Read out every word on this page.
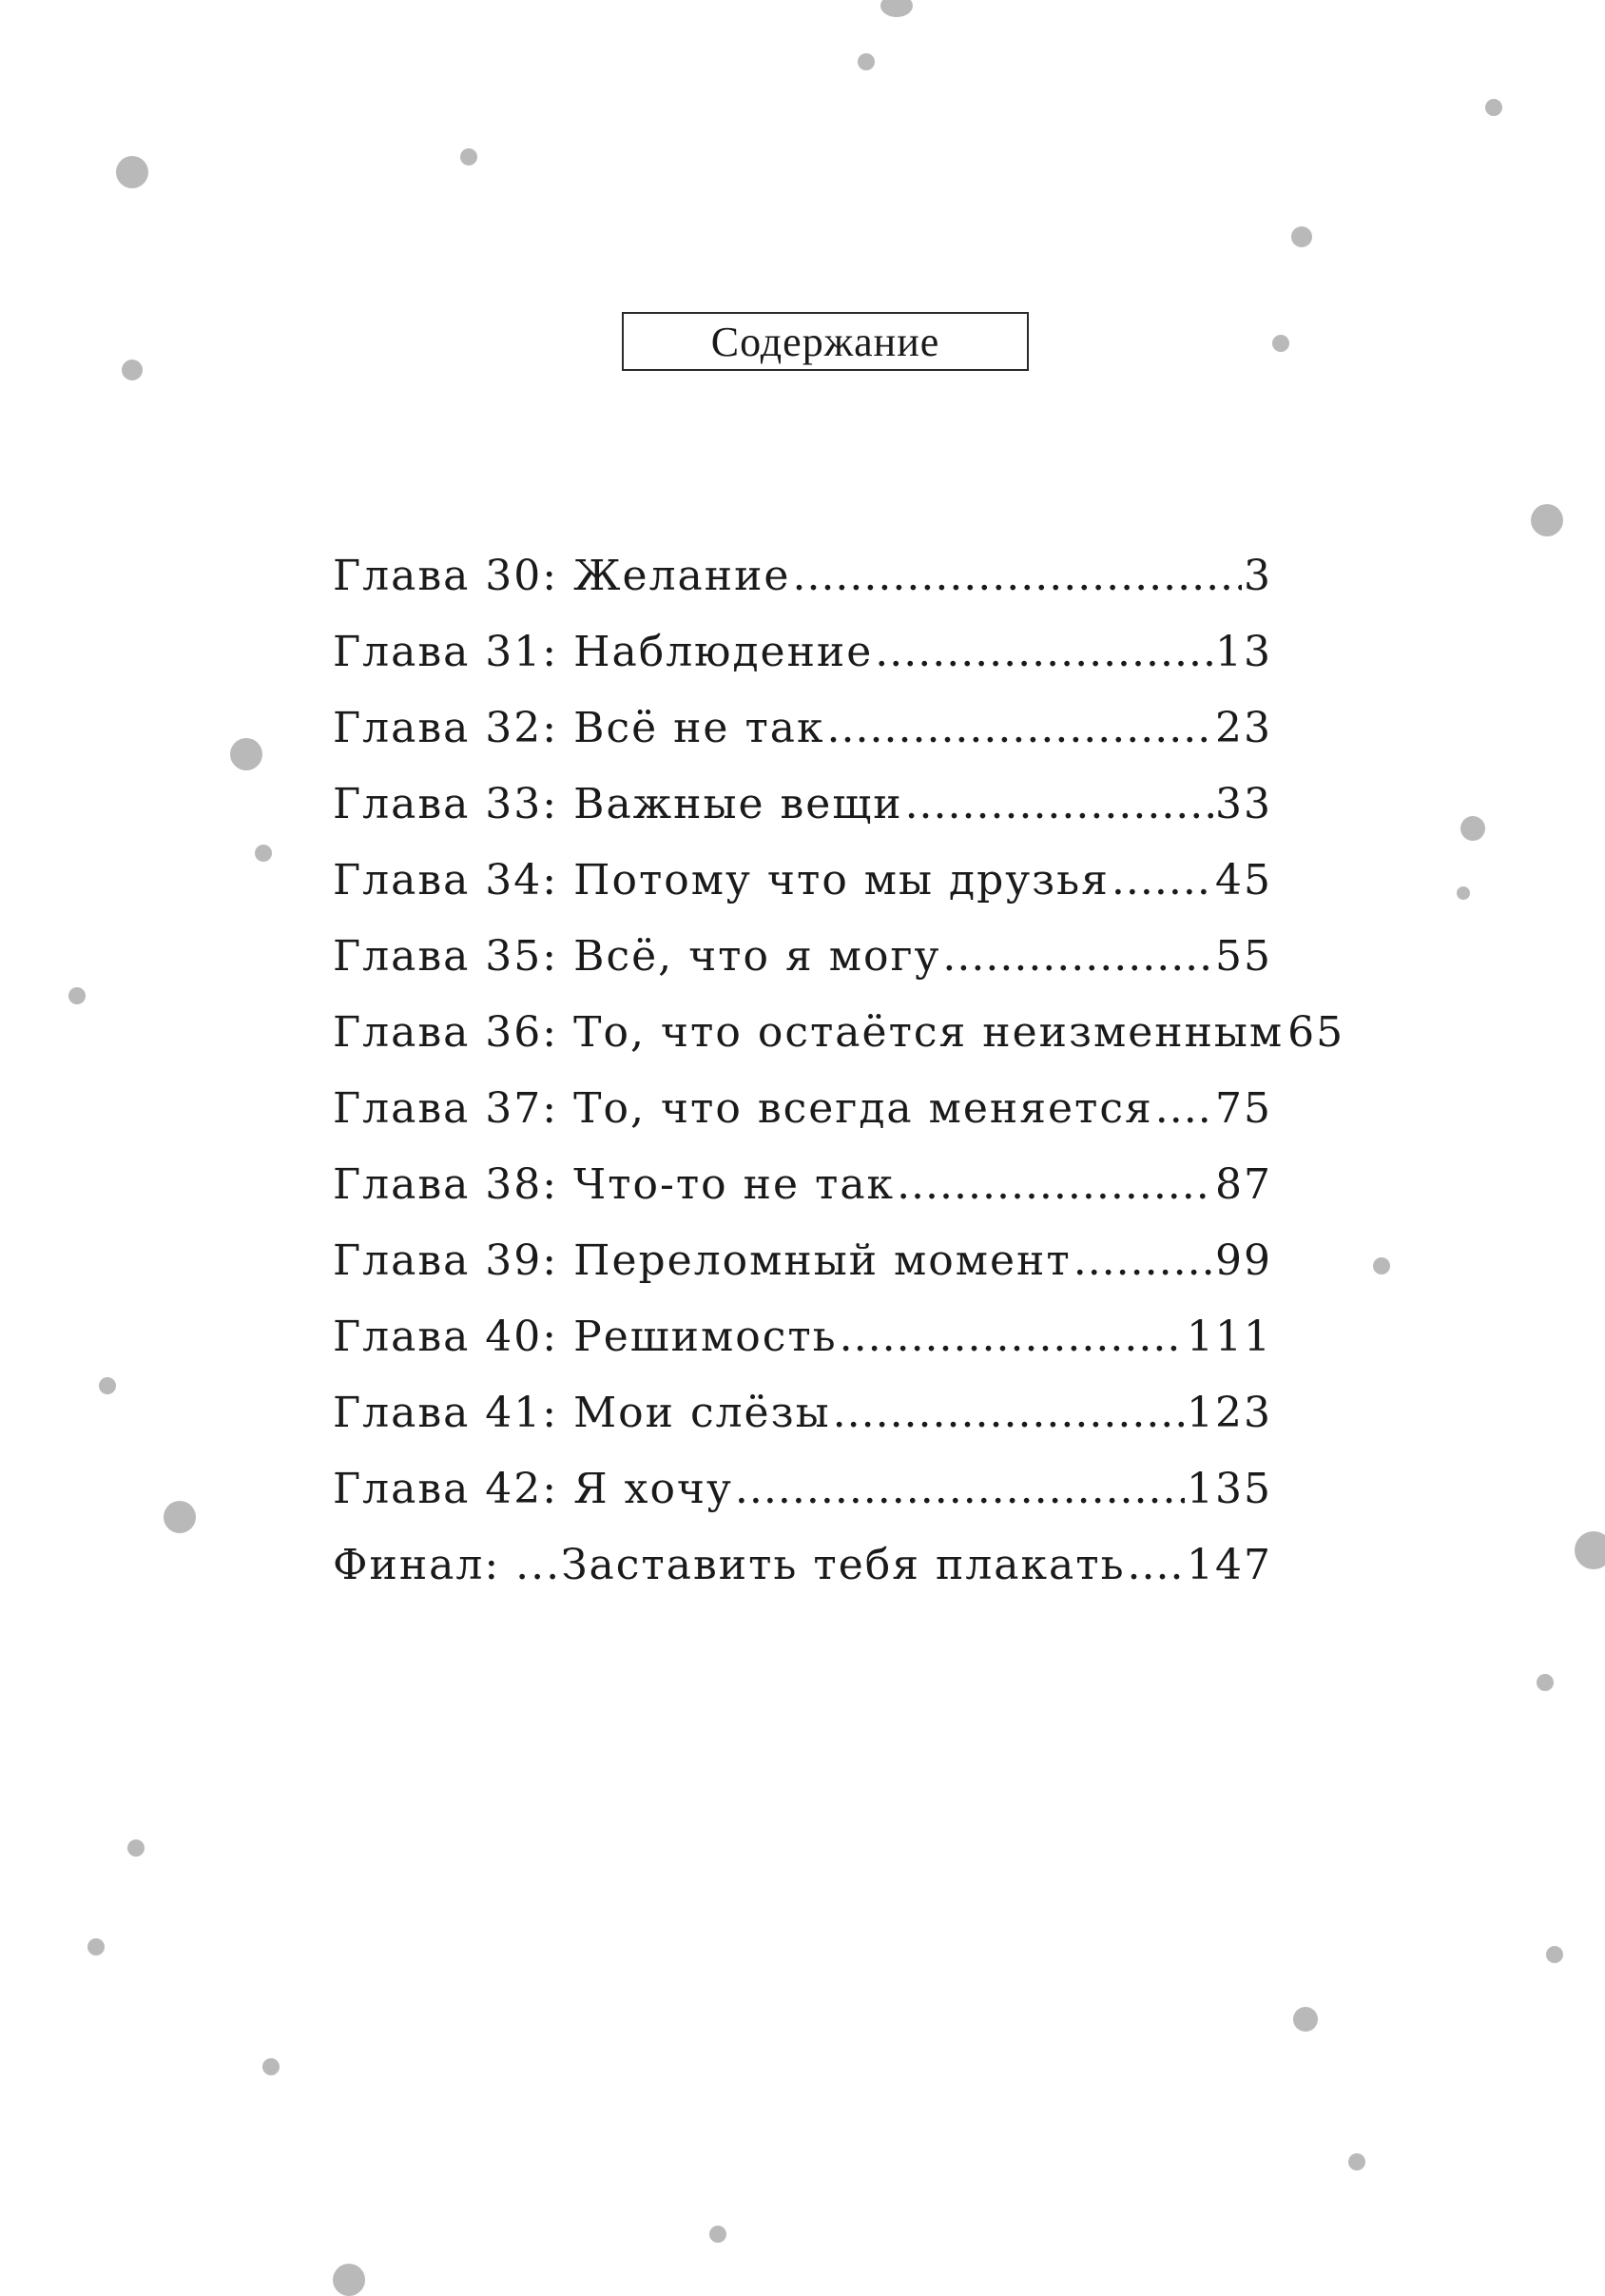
Содержание
Глава 30: Желание .....	3
Глава 31: Наблюдение .....	13
Глава 32: Всё не так .....	23
Глава 33: Важные вещи .....	33
Глава 34: Потому что мы друзья .....	45
Глава 35: Всё, что я могу .....	55
Глава 36: То, что остаётся неизменным 65
Глава 37: То, что всегда меняется ..... 75
Глава 38: Что-то не так .....	87
Глава 39: Переломный момент .....	99
Глава 40: Решимость .....	111
Глава 41: Мои слёзы .....	123
Глава 42: Я хочу .....	135
Финал: ...Заставить тебя плакать ..... 147
